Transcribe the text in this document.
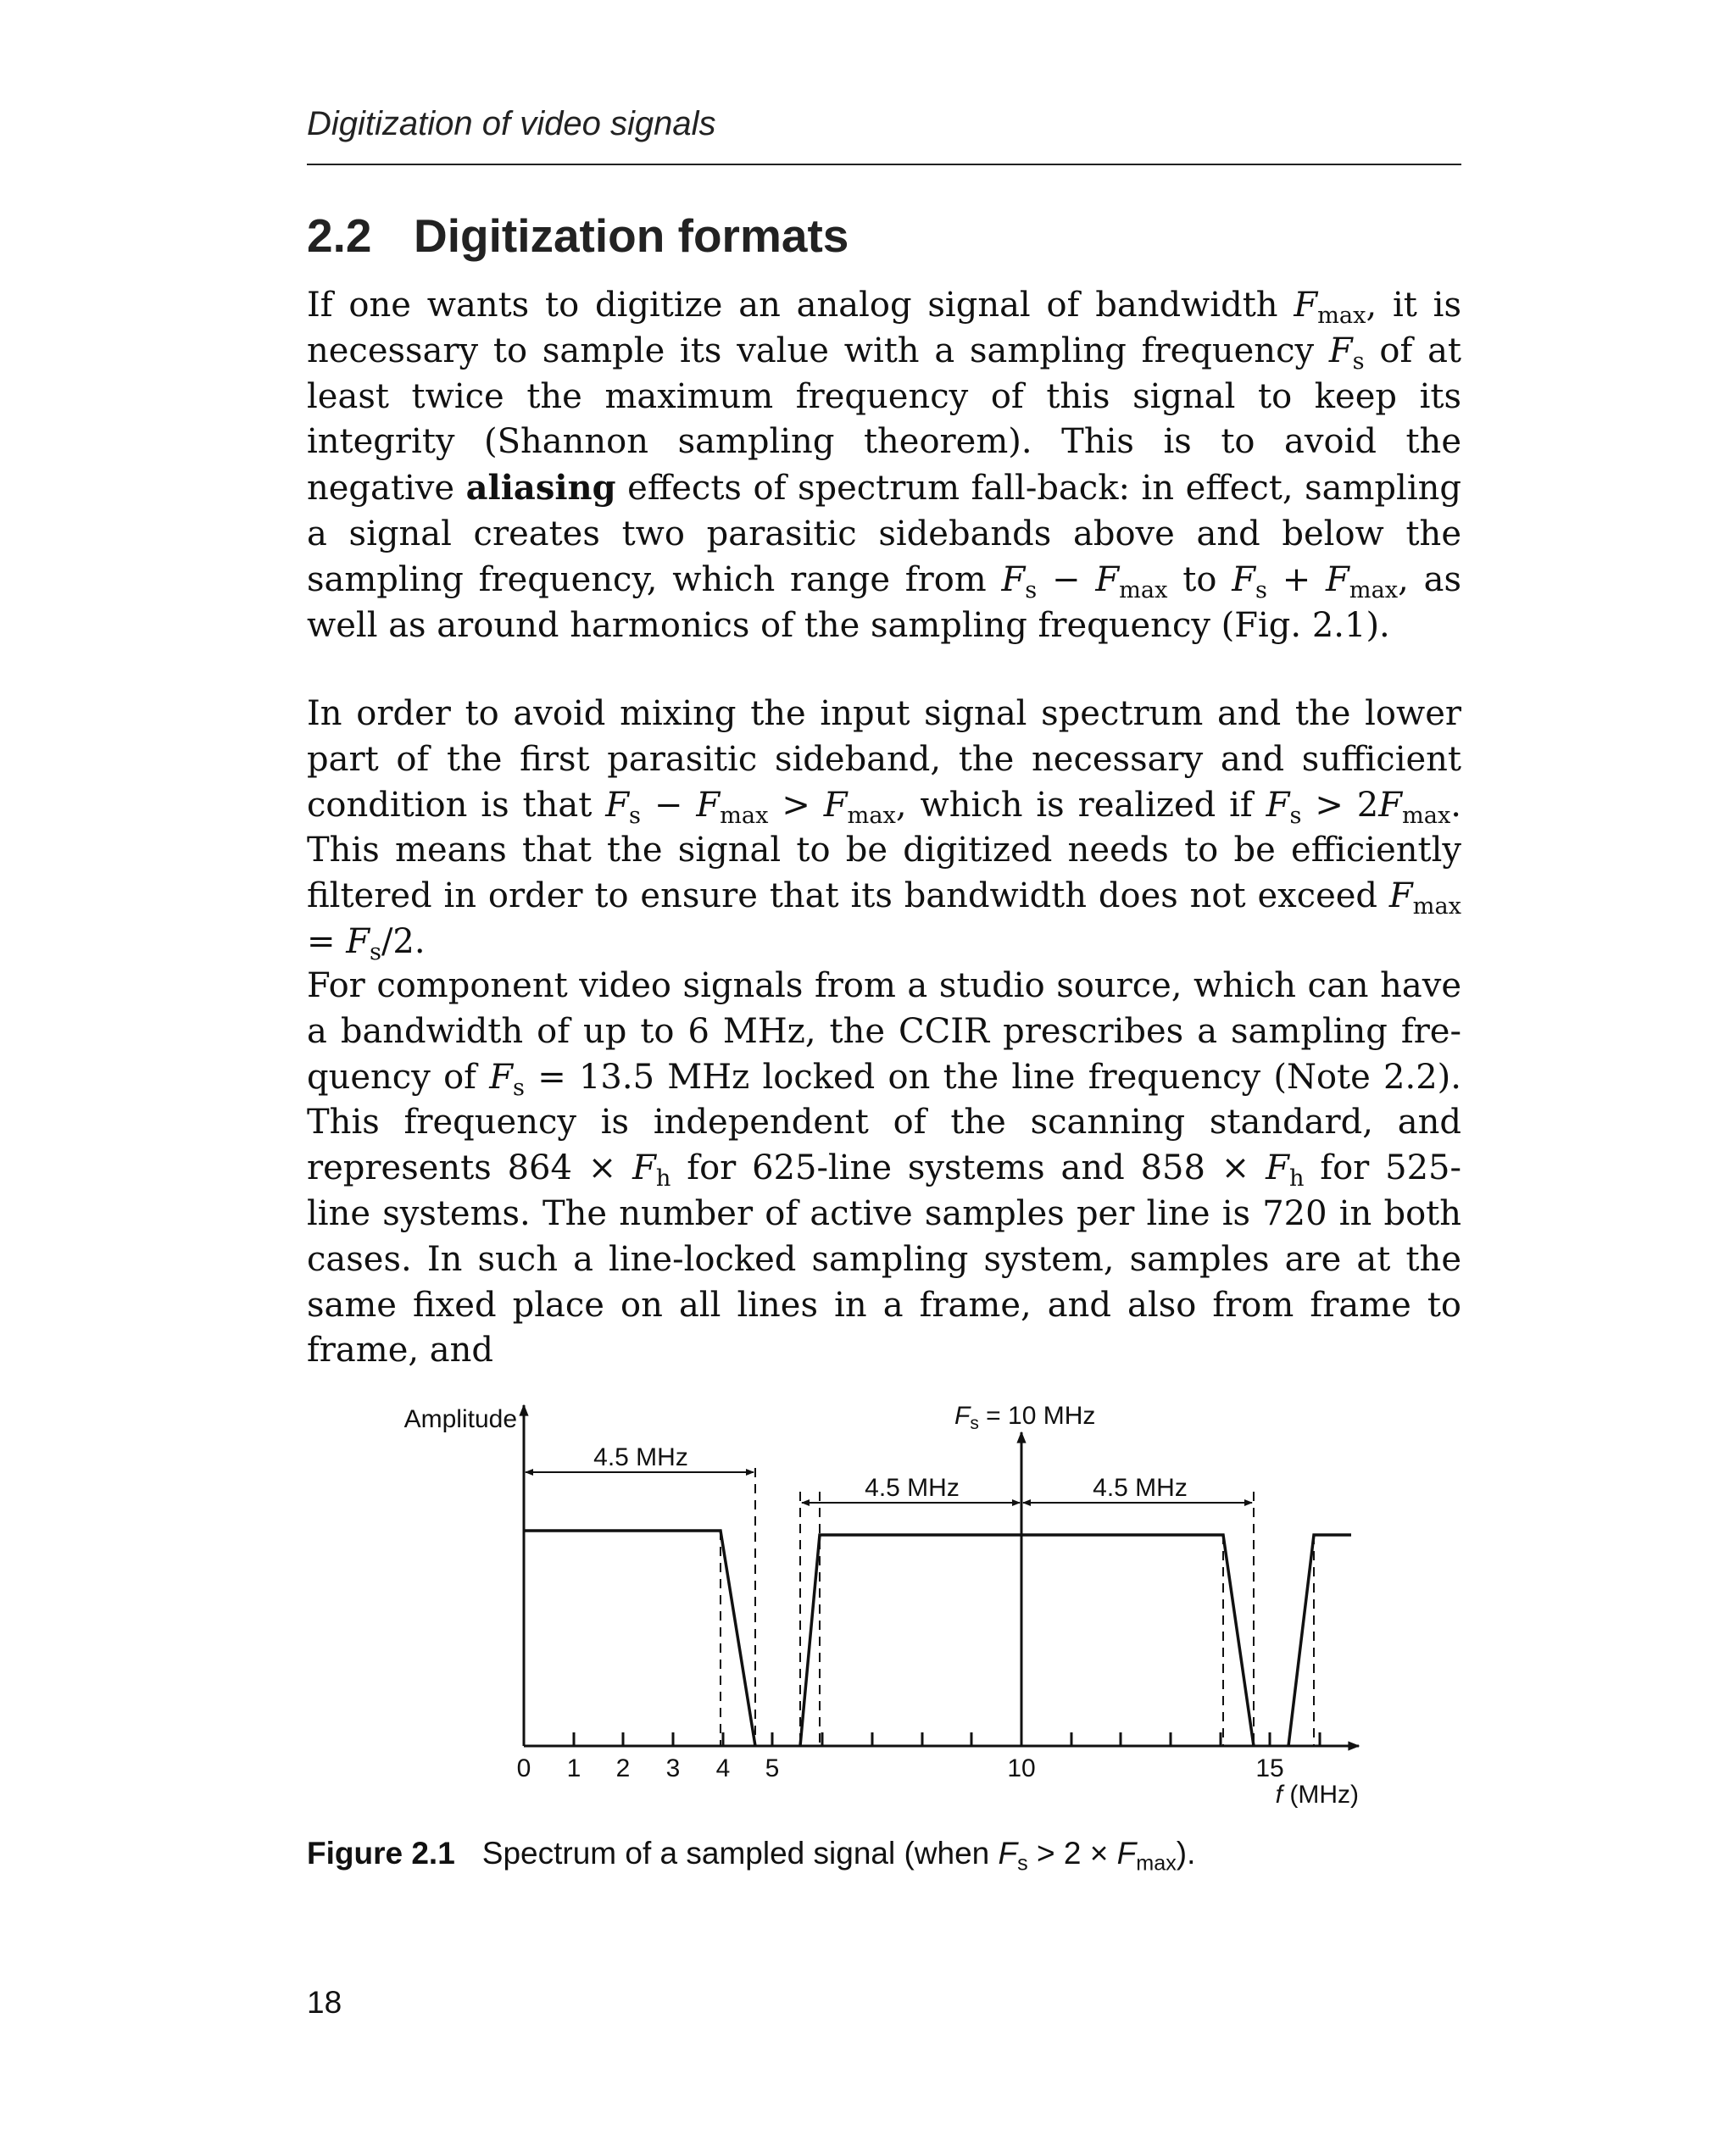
Digitization of video signals
2.2 Digitization formats
If one wants to digitize an analog signal of bandwidth $F_{max}$, it is necessary to sample its value with a sampling frequency $F_s$ of at least twice the maximum frequency of this signal to keep its integrity (Shannon sampling theorem). This is to avoid the negative aliasing effects of spectrum fall-back: in effect, sampling a signal creates two parasitic sidebands above and below the sampling frequency, which range from $F_s - F_{max}$ to $F_s + F_{max}$, as well as around harmonics of the sampling frequency (Fig. 2.1).
In order to avoid mixing the input signal spectrum and the lower part of the first parasitic sideband, the necessary and sufficient condition is that $F_s - F_{max} > F_{max}$, which is realized if $F_s > 2F_{max}$. This means that the signal to be digitized needs to be efficiently filtered in order to ensure that its bandwidth does not exceed $F_{max} = F_s/2$.
For component video signals from a studio source, which can have a bandwidth of up to 6 MHz, the CCIR prescribes a sampling fre-quency of $F_s = 13.5$ MHz locked on the line frequency (Note 2.2). This frequency is independent of the scanning standard, and represents $864 \times F_h$ for 625-line systems and $858 \times F_h$ for 525-line systems. The number of active samples per line is 720 in both cases. In such a line-locked sampling system, samples are at the same fixed place on all lines in a frame, and also from frame to frame, and
Amplitude	$F_s = 10$ MHz
4.5 MHz
4.5 MHz	4.5 MHz
0 1 2 3 4 5	10	15
f (MHz)
Figure 2.1 Spectrum of a sampled signal (when $F_s > 2 \times F_{max}$).
18
